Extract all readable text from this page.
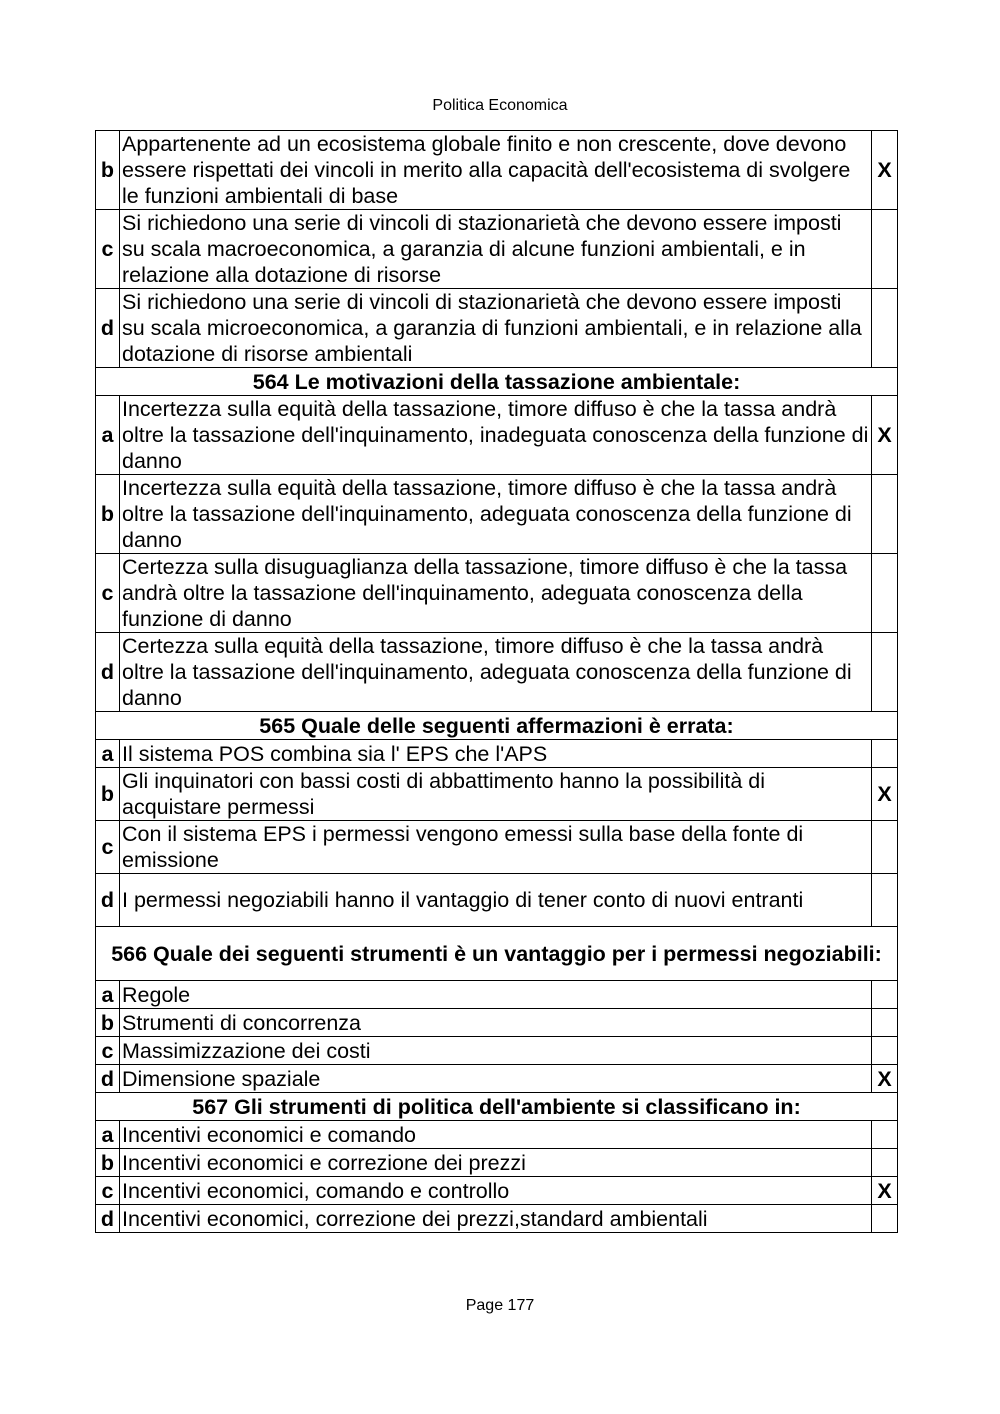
Politica Economica
b	Appartenente ad un ecosistema globale finito e non crescente, dove devono essere rispettati dei vincoli in merito alla capacità dell'ecosistema di svolgere le funzioni ambientali di base	X
c	Si richiedono una serie di vincoli di stazionarietà che devono essere imposti su scala macroeconomica, a garanzia di alcune funzioni ambientali, e in relazione alla dotazione di risorse	
d	Si richiedono una serie di vincoli di stazionarietà che devono essere imposti su scala microeconomica, a garanzia di funzioni ambientali, e in relazione alla dotazione di risorse ambientali	
564 Le motivazioni della tassazione ambientale:		
a	Incertezza sulla equità della tassazione, timore diffuso è che la tassa andrà oltre la tassazione dell'inquinamento, inadeguata conoscenza della funzione di danno	X
b	Incertezza sulla equità della tassazione, timore diffuso è che la tassa andrà oltre la tassazione dell'inquinamento, adeguata conoscenza della funzione di danno	
c	Certezza sulla disuguaglianza della tassazione, timore diffuso è che la tassa andrà oltre la tassazione dell'inquinamento, adeguata conoscenza della funzione di danno	
d	Certezza sulla equità della tassazione, timore diffuso è che la tassa andrà oltre la tassazione dell'inquinamento, adeguata conoscenza della funzione di danno	
565 Quale delle seguenti affermazioni è errata:		
a	Il sistema POS combina sia l' EPS che l'APS	
b	Gli inquinatori con bassi costi di abbattimento hanno la possibilità di acquistare permessi	X
c	Con il sistema EPS i permessi vengono emessi sulla base della fonte di emissione	
d	I permessi negoziabili hanno il vantaggio di tener conto di nuovi entranti	
566 Quale dei seguenti strumenti è un vantaggio per i permessi negoziabili:		
a	Regole	
b	Strumenti di concorrenza	
c	Massimizzazione dei costi	
d	Dimensione spaziale	X
567 Gli strumenti di politica dell'ambiente si classificano in:		
a	Incentivi economici e comando	
b	Incentivi economici e correzione dei prezzi	
c	Incentivi economici, comando e controllo	X
d	Incentivi economici, correzione dei prezzi,standard ambientali	
Page 177
